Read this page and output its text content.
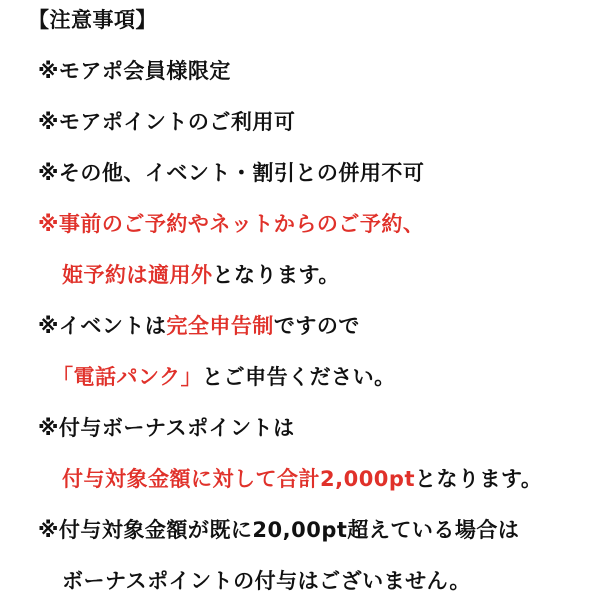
【注意事項】
※モアポ会員様限定
※モアポイントのご利用可
※その他、イベント・割引との併用不可
※事前のご予約やネットからのご予約、
姫予約は適用外となります。
※イベントは完全申告制ですので
「電話パンク」とご申告ください。
※付与ボーナスポイントは
付与対象金額に対して合計2,000ptとなります。
※付与対象金額が既に20,00pt超えている場合は
ボーナスポイントの付与はございません。
